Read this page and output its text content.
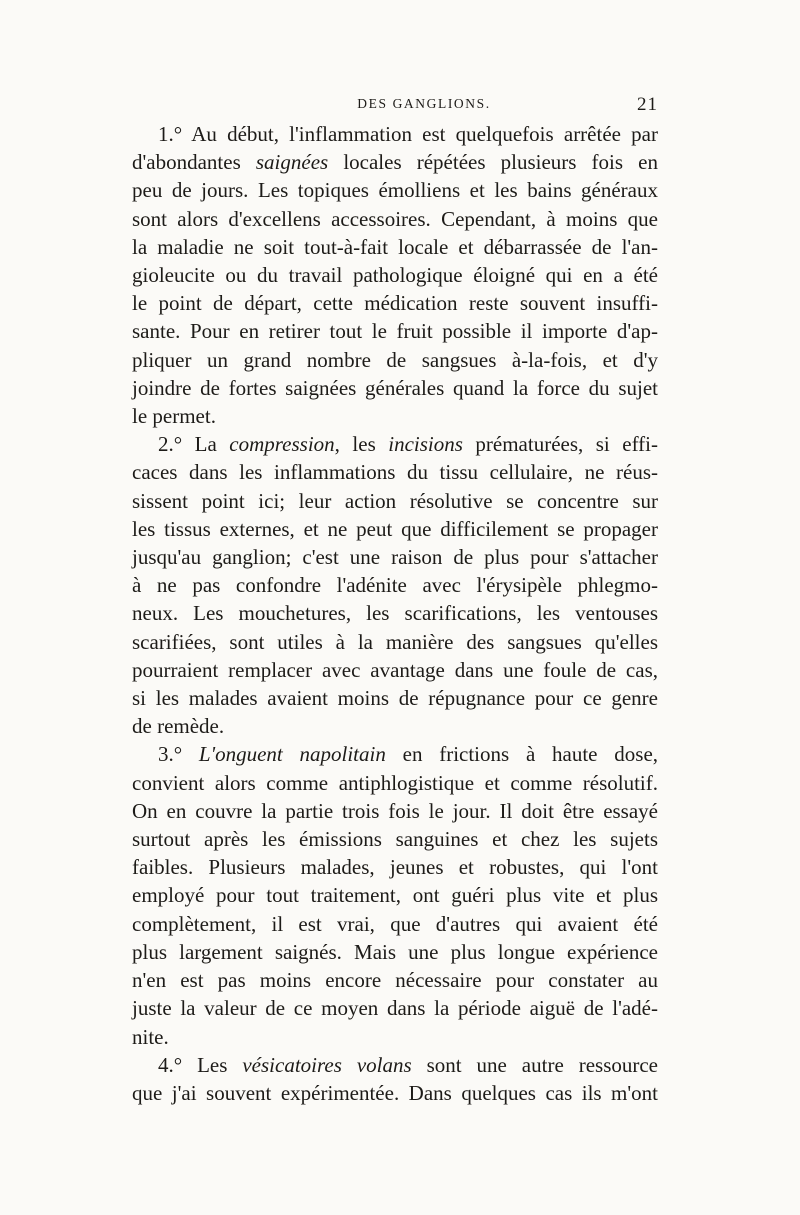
DES GANGLIONS.	21

1.° Au début, l'inflammation est quelquefois arrêtée par
d'abondantes saignées locales répétées plusieurs fois en
peu de jours. Les topiques émolliens et les bains généraux
sont alors d'excellens accessoires. Cependant, à moins que
la maladie ne soit tout-à-fait locale et débarrassée de l'an-
gioleucite ou du travail pathologique éloigné qui en a été
le point de départ, cette médication reste souvent insuffi-
sante. Pour en retirer tout le fruit possible il importe d'ap-
pliquer un grand nombre de sangsues à-la-fois, et d'y
joindre de fortes saignées générales quand la force du sujet
le permet.

2.° La compression, les incisions prématurées, si effi-
caces dans les inflammations du tissu cellulaire, ne réus-
sissent point ici; leur action résolutive se concentre sur
les tissus externes, et ne peut que difficilement se propager
jusqu'au ganglion; c'est une raison de plus pour s'attacher
à ne pas confondre l'adénite avec l'érysipèle phlegmo-
neux. Les mouchetures, les scarifications, les ventouses
scarifiées, sont utiles à la manière des sangsues qu'elles
pourraient remplacer avec avantage dans une foule de cas,
si les malades avaient moins de répugnance pour ce genre
de remède.

3.° L'onguent napolitain en frictions à haute dose,
convient alors comme antiphlogistique et comme résolutif.
On en couvre la partie trois fois le jour. Il doit être essayé
surtout après les émissions sanguines et chez les sujets
faibles. Plusieurs malades, jeunes et robustes, qui l'ont
employé pour tout traitement, ont guéri plus vite et plus
complètement, il est vrai, que d'autres qui avaient été
plus largement saignés. Mais une plus longue expérience
n'en est pas moins encore nécessaire pour constater au
juste la valeur de ce moyen dans la période aiguë de l'adé-
nite.

4.° Les vésicatoires volans sont une autre ressource
que j'ai souvent expérimentée. Dans quelques cas ils m'ont
